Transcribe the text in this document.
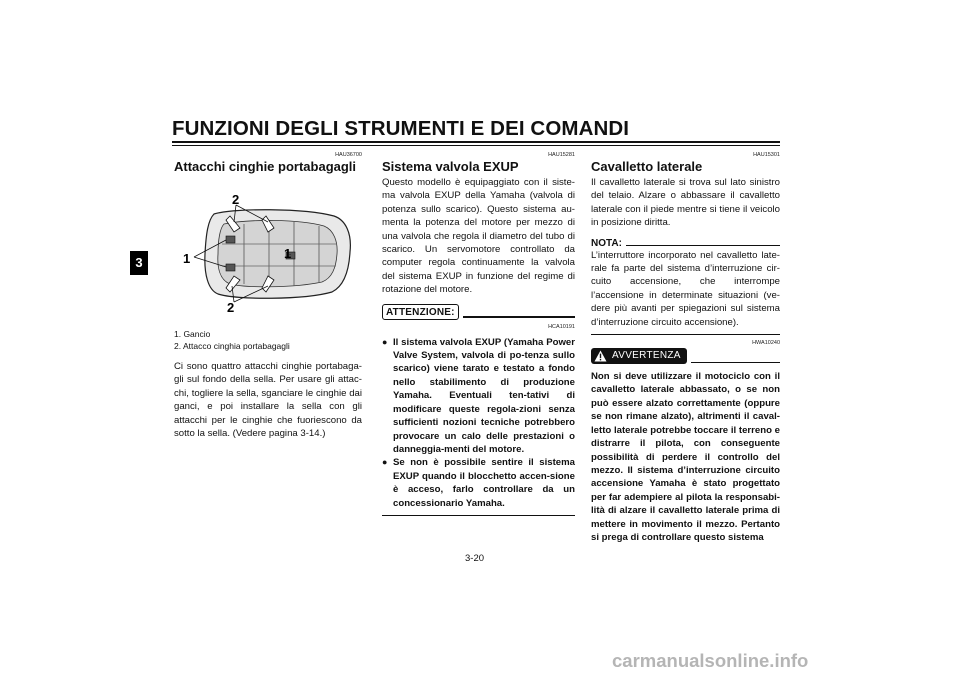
FUNZIONI DEGLI STRUMENTI E DEI COMANDI
3
HAU36700
Attacchi cinghie portabagagli
2
2
1	1
1. Gancio
2. Attacco cinghia portabagagli

Ci sono quattro attacchi cinghie portabaga-gli sul fondo della sella. Per usare gli attac-chi, togliere la sella, sganciare le cinghie dai ganci, e poi installare la sella con gli attacchi per le cinghie che fuoriescono da sotto la sella. (Vedere pagina 3-14.)

HAU15281
Sistema valvola EXUP

Questo modello è equipaggiato con il siste-ma valvola EXUP della Yamaha (valvola di potenza sullo scarico). Questo sistema au-menta la potenza del motore per mezzo di una valvola che regola il diametro del tubo di scarico. Un servomotore controllato da computer regola continuamente la valvola del sistema EXUP in funzione del regime di rotazione del motore.

ATTENZIONE:
HCA10191
● Il sistema valvola EXUP (Yamaha Power Valve System, valvola di po-tenza sullo scarico) viene tarato e testato a fondo nello stabilimento di produzione Yamaha. Eventuali ten-tativi di modificare queste regola-zioni senza sufficienti nozioni tecniche potrebbero provocare un calo delle prestazioni o danneggia-menti del motore.
● Se non è possibile sentire il sistema EXUP quando il blocchetto accen-sione è acceso, farlo controllare da un concessionario Yamaha.
HAU15301
Cavalletto laterale

Il cavalletto laterale si trova sul lato sinistro del telaio. Alzare o abbassare il cavalletto laterale con il piede mentre si tiene il veicolo in posizione diritta.

NOTA:

L’interruttore incorporato nel cavalletto late-rale fa parte del sistema d’interruzione cir-cuito accensione, che interrompe l’accensione in determinate situazioni (ve-dere più avanti per spiegazioni sul sistema d’interruzione circuito accensione).

HWA10240
AVVERTENZA

Non si deve utilizzare il motociclo con il cavalletto laterale abbassato, o se non può essere alzato correttamente (oppure se non rimane alzato), altrimenti il caval-letto laterale potrebbe toccare il terreno e distrarre il pilota, con conseguente possibilità di perdere il controllo del mezzo. Il sistema d’interruzione circuito accensione Yamaha è stato progettato per far adempiere al pilota la responsabi-lità di alzare il cavalletto laterale prima di mettere in movimento il mezzo. Pertanto si prega di controllare questo sistema

3-20
carmanualsonline.info
